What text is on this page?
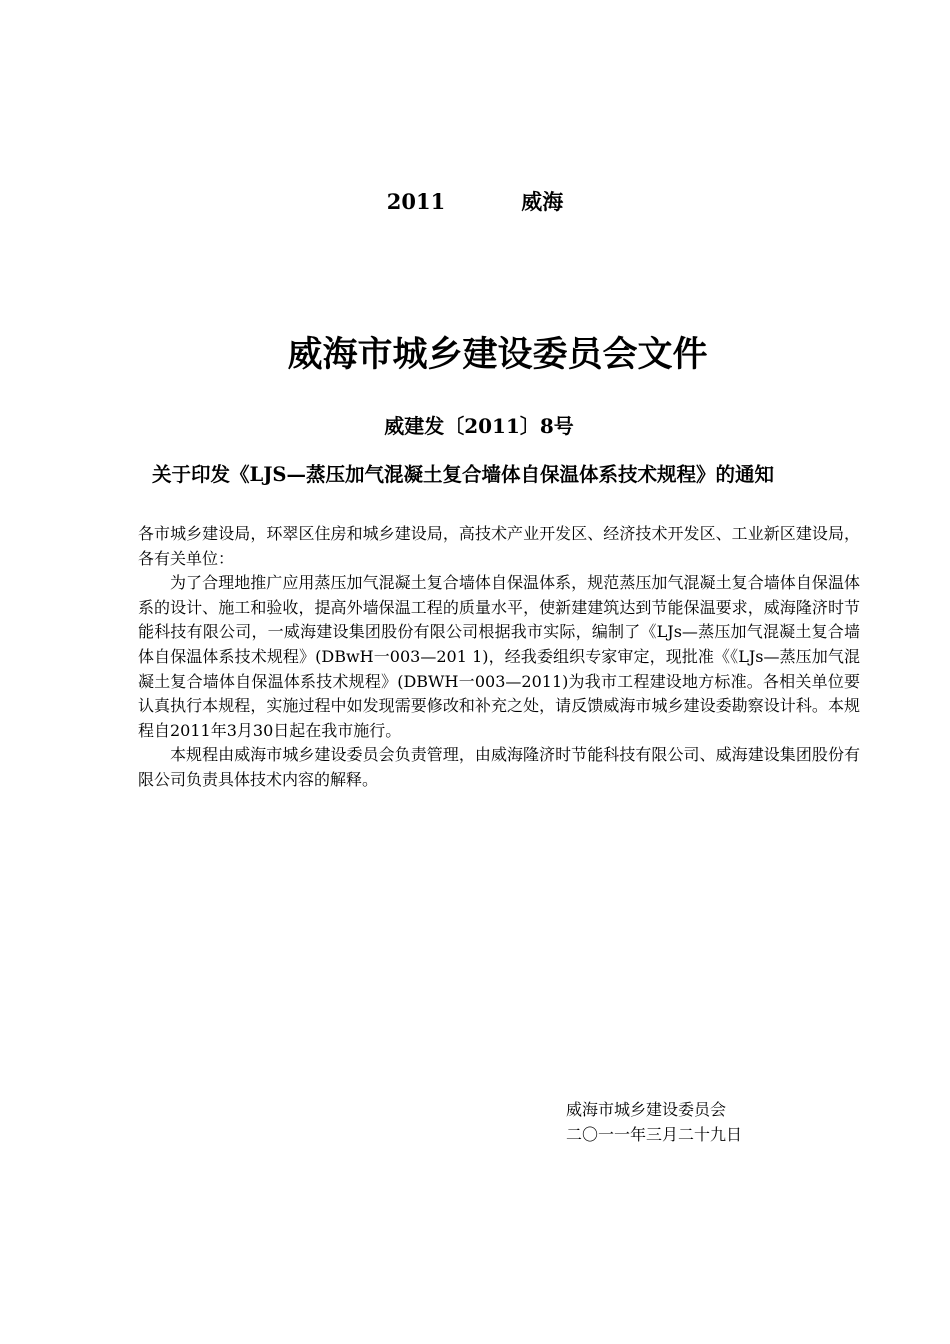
2011	威海
威海市城乡建设委员会文件
威建发〔2011〕8号
关于印发《LJS—蒸压加气混凝土复合墙体自保温体系技术规程》的通知

各市城乡建设局，环翠区住房和城乡建设局，高技术产业开发区、经济技术开发区、工业新区建设局，各有关单位：

为了合理地推广应用蒸压加气混凝土复合墙体自保温体系，规范蒸压加气混凝土复合墙体自保温体系的设计、施工和验收，提高外墙保温工程的质量水平，使新建建筑达到节能保温要求，威海隆济时节能科技有限公司，一威海建设集团股份有限公司根据我市实际，编制了《LJs—蒸压加气混凝土复合墙体自保温体系技术规程》(DBwH一003—201 1)，经我委组织专家审定，现批准《《LJs—蒸压加气混凝土复合墙体自保温体系技术规程》(DBWH一003—2011)为我市工程建设地方标准。各相关单位要认真执行本规程，实施过程中如发现需要修改和补充之处，请反馈威海市城乡建设委勘察设计科。本规程自2011年3月30日起在我市施行。

本规程由威海市城乡建设委员会负责管理，由威海隆济时节能科技有限公司、威海建设集团股份有限公司负责具体技术内容的解释。

威海市城乡建设委员会
二〇一一年三月二十九日
